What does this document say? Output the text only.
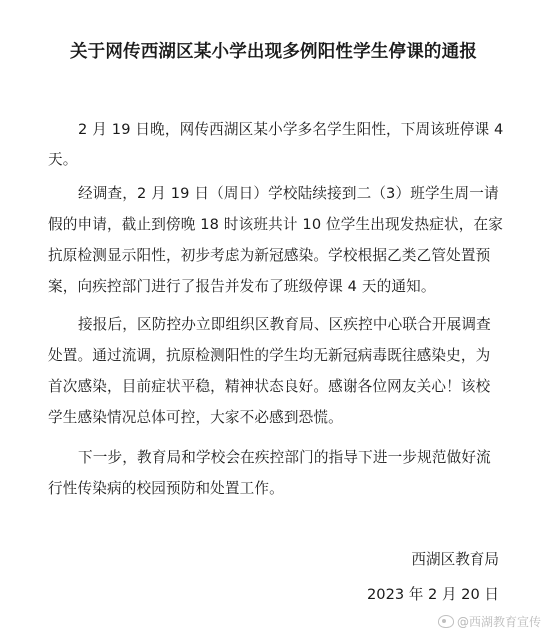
关于网传西湖区某小学出现多例阳性学生停课的通报
2 月 19 日晚，网传西湖区某小学多名学生阳性，下周该班停课 4
天。
经调查，2 月 19 日（周日）学校陆续接到二（3）班学生周一请
假的申请，截止到傍晚 18 时该班共计 10 位学生出现发热症状，在家
抗原检测显示阳性，初步考虑为新冠感染。学校根据乙类乙管处置预
案，向疾控部门进行了报告并发布了班级停课 4 天的通知。
接报后，区防控办立即组织区教育局、区疾控中心联合开展调查
处置。通过流调，抗原检测阳性的学生均无新冠病毒既往感染史，为
首次感染，目前症状平稳，精神状态良好。感谢各位网友关心！该校
学生感染情况总体可控，大家不必感到恐慌。
下一步，教育局和学校会在疾控部门的指导下进一步规范做好流
行性传染病的校园预防和处置工作。
西湖区教育局
2023 年 2 月 20 日
@西湖教育宣传
